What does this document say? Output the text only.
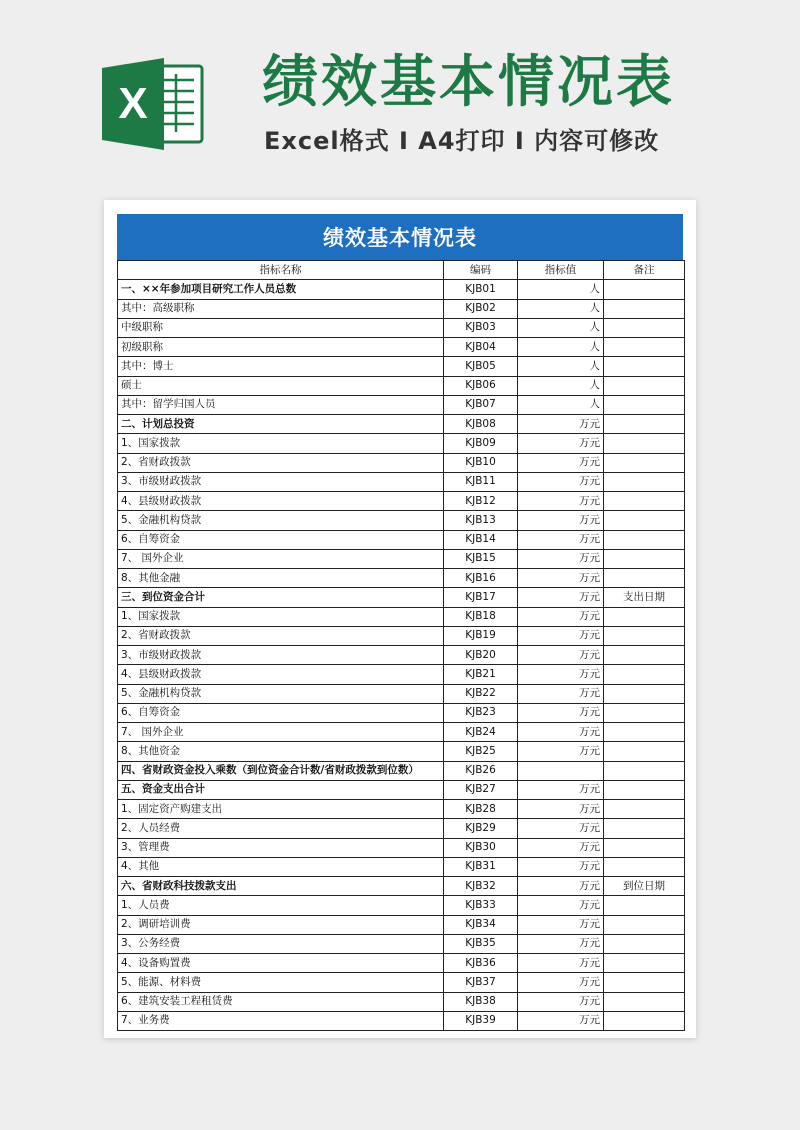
X 绩效基本情况表
Excel格式 Ⅰ A4打印 Ⅰ 内容可修改
绩效基本情况表
指标名称	编码	指标值	备注
一、××年参加项目研究工作人员总数	KJB01	人	
其中：高级职称	KJB02	人	
中级职称	KJB03	人	
初级职称	KJB04	人	
其中：博士	KJB05	人	
硕士	KJB06	人	
其中：留学归国人员	KJB07	人	
二、计划总投资	KJB08	万元	
1、国家拨款	KJB09	万元	
2、省财政拨款	KJB10	万元	
3、市级财政拨款	KJB11	万元	
4、县级财政拨款	KJB12	万元	
5、金融机构贷款	KJB13	万元	
6、自筹资金	KJB14	万元	
7、 国外企业	KJB15	万元	
8、其他金融	KJB16	万元	
三、到位资金合计	KJB17	万元	支出日期
1、国家拨款	KJB18	万元	
2、省财政拨款	KJB19	万元	
3、市级财政拨款	KJB20	万元	
4、县级财政拨款	KJB21	万元	
5、金融机构贷款	KJB22	万元	
6、自筹资金	KJB23	万元	
7、 国外企业	KJB24	万元	
8、其他资金	KJB25	万元	
四、省财政资金投入乘数（到位资金合计数/省财政拨款到位数）	KJB26		
五、资金支出合计	KJB27	万元	
1、固定资产购建支出	KJB28	万元	
2、人员经费	KJB29	万元	
3、管理费	KJB30	万元	
4、其他	KJB31	万元	
六、省财政科技拨款支出	KJB32	万元	到位日期
1、人员费	KJB33	万元	
2、调研培训费	KJB34	万元	
3、公务经费	KJB35	万元	
4、设备购置费	KJB36	万元	
5、能源、材料费	KJB37	万元	
6、建筑安装工程租赁费	KJB38	万元	
7、业务费	KJB39	万元	
